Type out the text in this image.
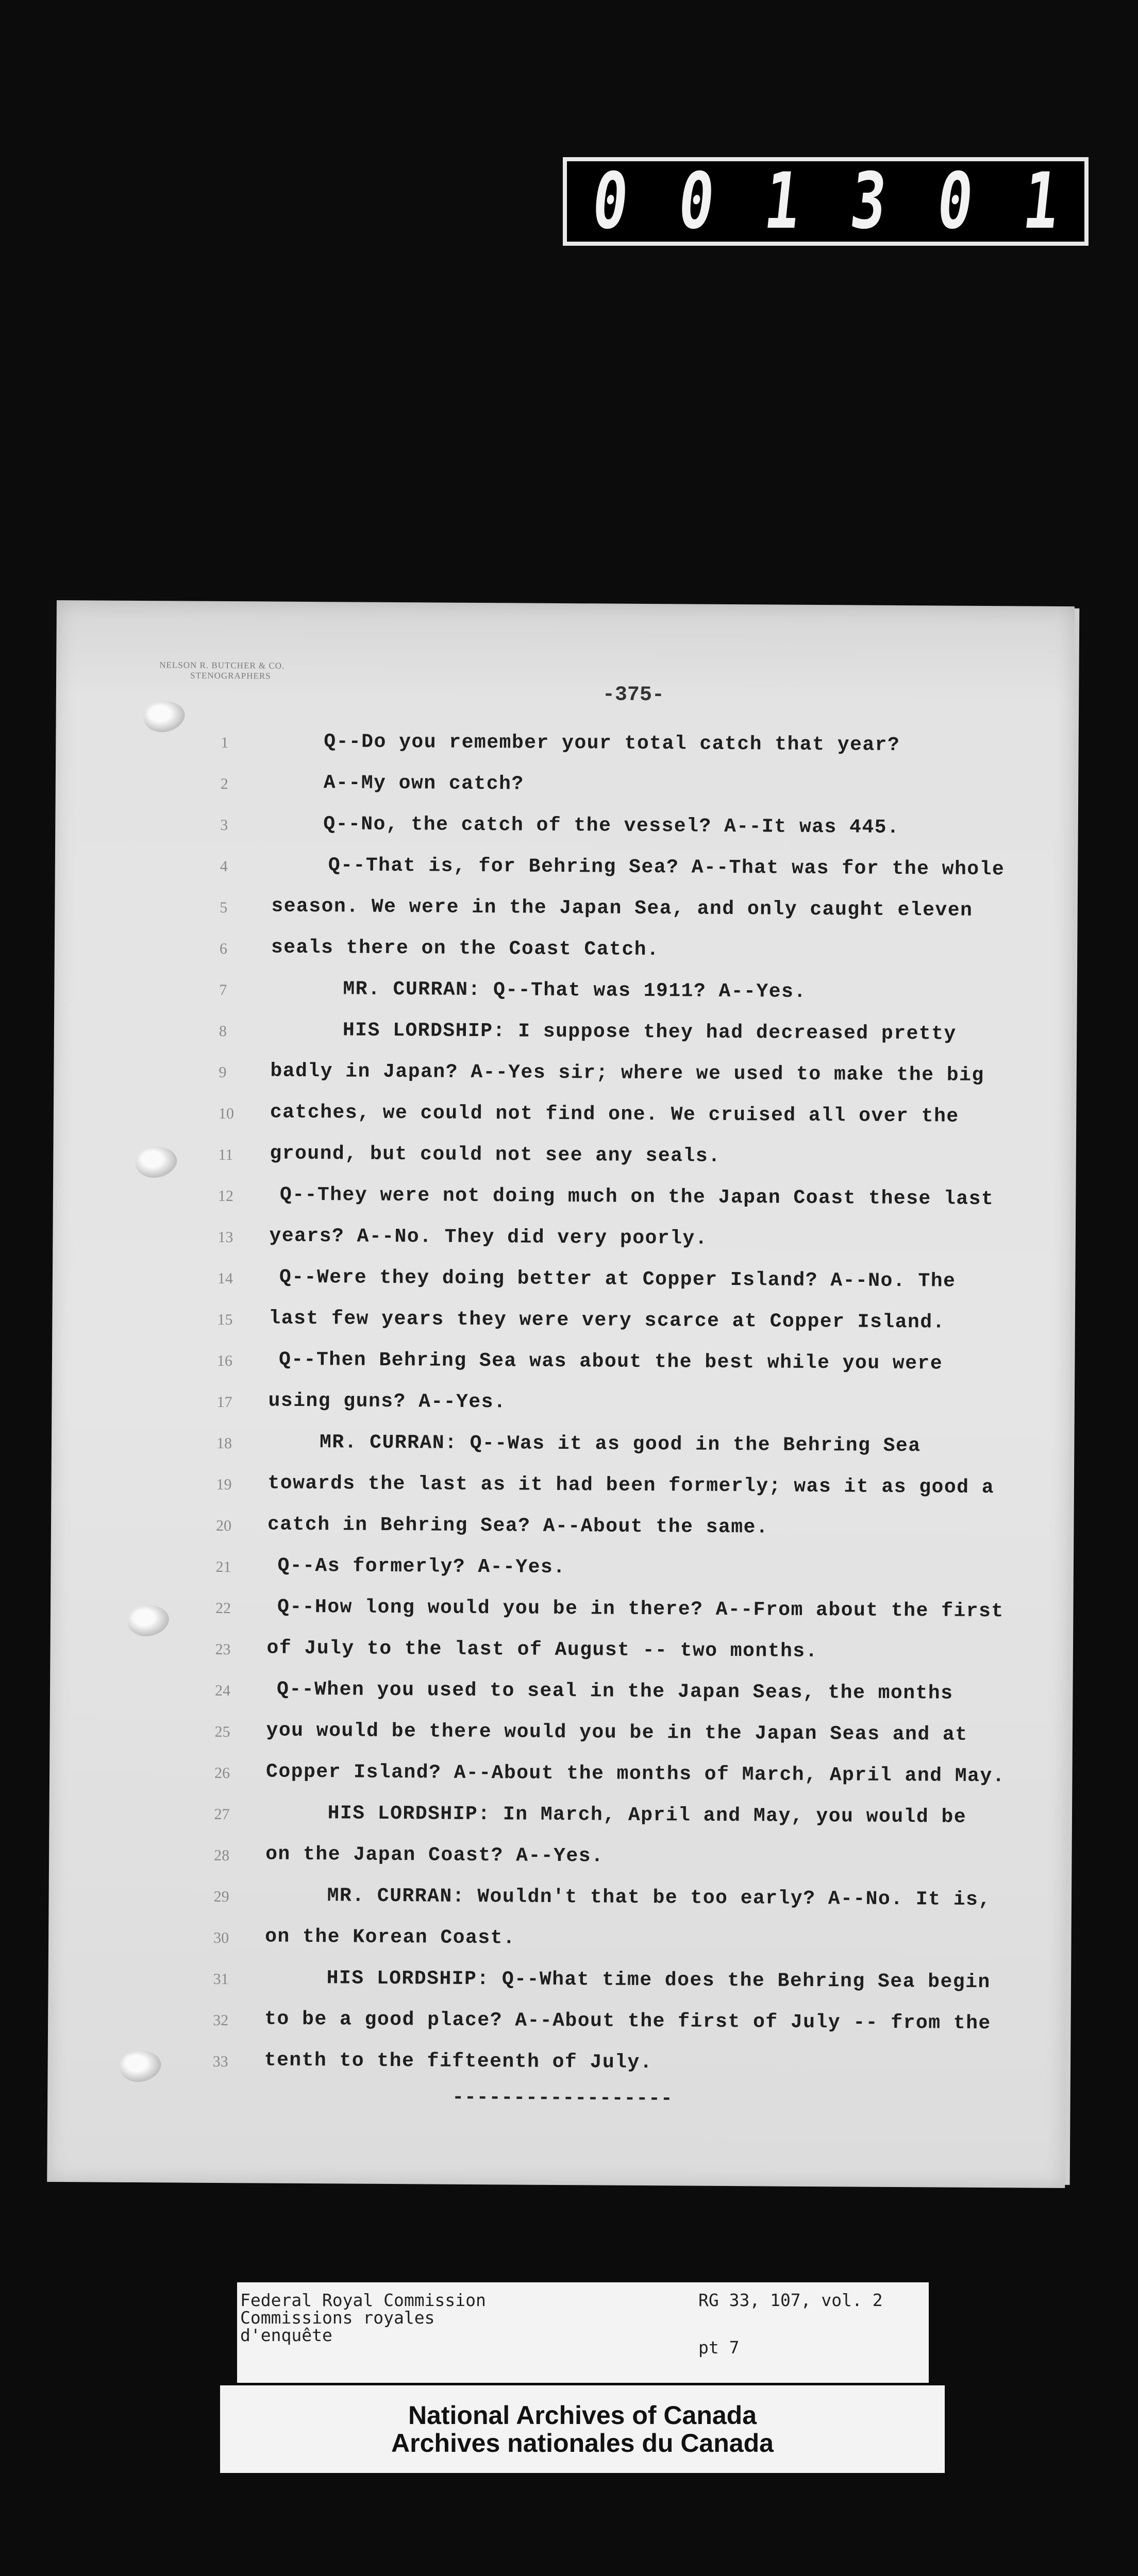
0 0 1 3 0 1
NELSON R. BUTCHER & CO.
STENOGRAPHERS
-375-
1	Q--Do you remember your total catch that year?
2	A--My own catch?
3	Q--No, the catch of the vessel? A--It was 445.
4	Q--That is, for Behring Sea? A--That was for the whole
5 season. We were in the Japan Sea, and only caught eleven
6 seals there on the Coast Catch.
7	MR. CURRAN: Q--That was 1911? A--Yes.
8	HIS LORDSHIP: I suppose they had decreased pretty
9 badly in Japan? A--Yes sir; where we used to make the big
10 catches, we could not find one. We cruised all over the
11 ground, but could not see any seals.
12 Q--They were not doing much on the Japan Coast these last
13 years? A--No. They did very poorly.
14 Q--Were they doing better at Copper Island? A--No. The
15 last few years they were very scarce at Copper Island.
16 Q--Then Behring Sea was about the best while you were
17 using guns? A--Yes.
18	MR. CURRAN: Q--Was it as good in the Behring Sea
19 towards the last as it had been formerly; was it as good a
20 catch in Behring Sea? A--About the same.
21 Q--As formerly? A--Yes.
22 Q--How long would you be in there? A--From about the first
23 of July to the last of August -- two months.
24 Q--When you used to seal in the Japan Seas, the months
25 you would be there would you be in the Japan Seas and at
26 Copper Island? A--About the months of March, April and May.
27	HIS LORDSHIP: In March, April and May, you would be
28 on the Japan Coast? A--Yes.
29	MR. CURRAN: Wouldn't that be too early? A--No. It is,
30 on the Korean Coast.
31	HIS LORDSHIP: Q--What time does the Behring Sea begin
32 to be a good place? A--About the first of July -- from the
33 tenth to the fifteenth of July.
------------------
Federal Royal Commission
Commissions royales
d'enquête
RG 33, 107, vol. 2
pt 7
National Archives of Canada
Archives nationales du Canada
